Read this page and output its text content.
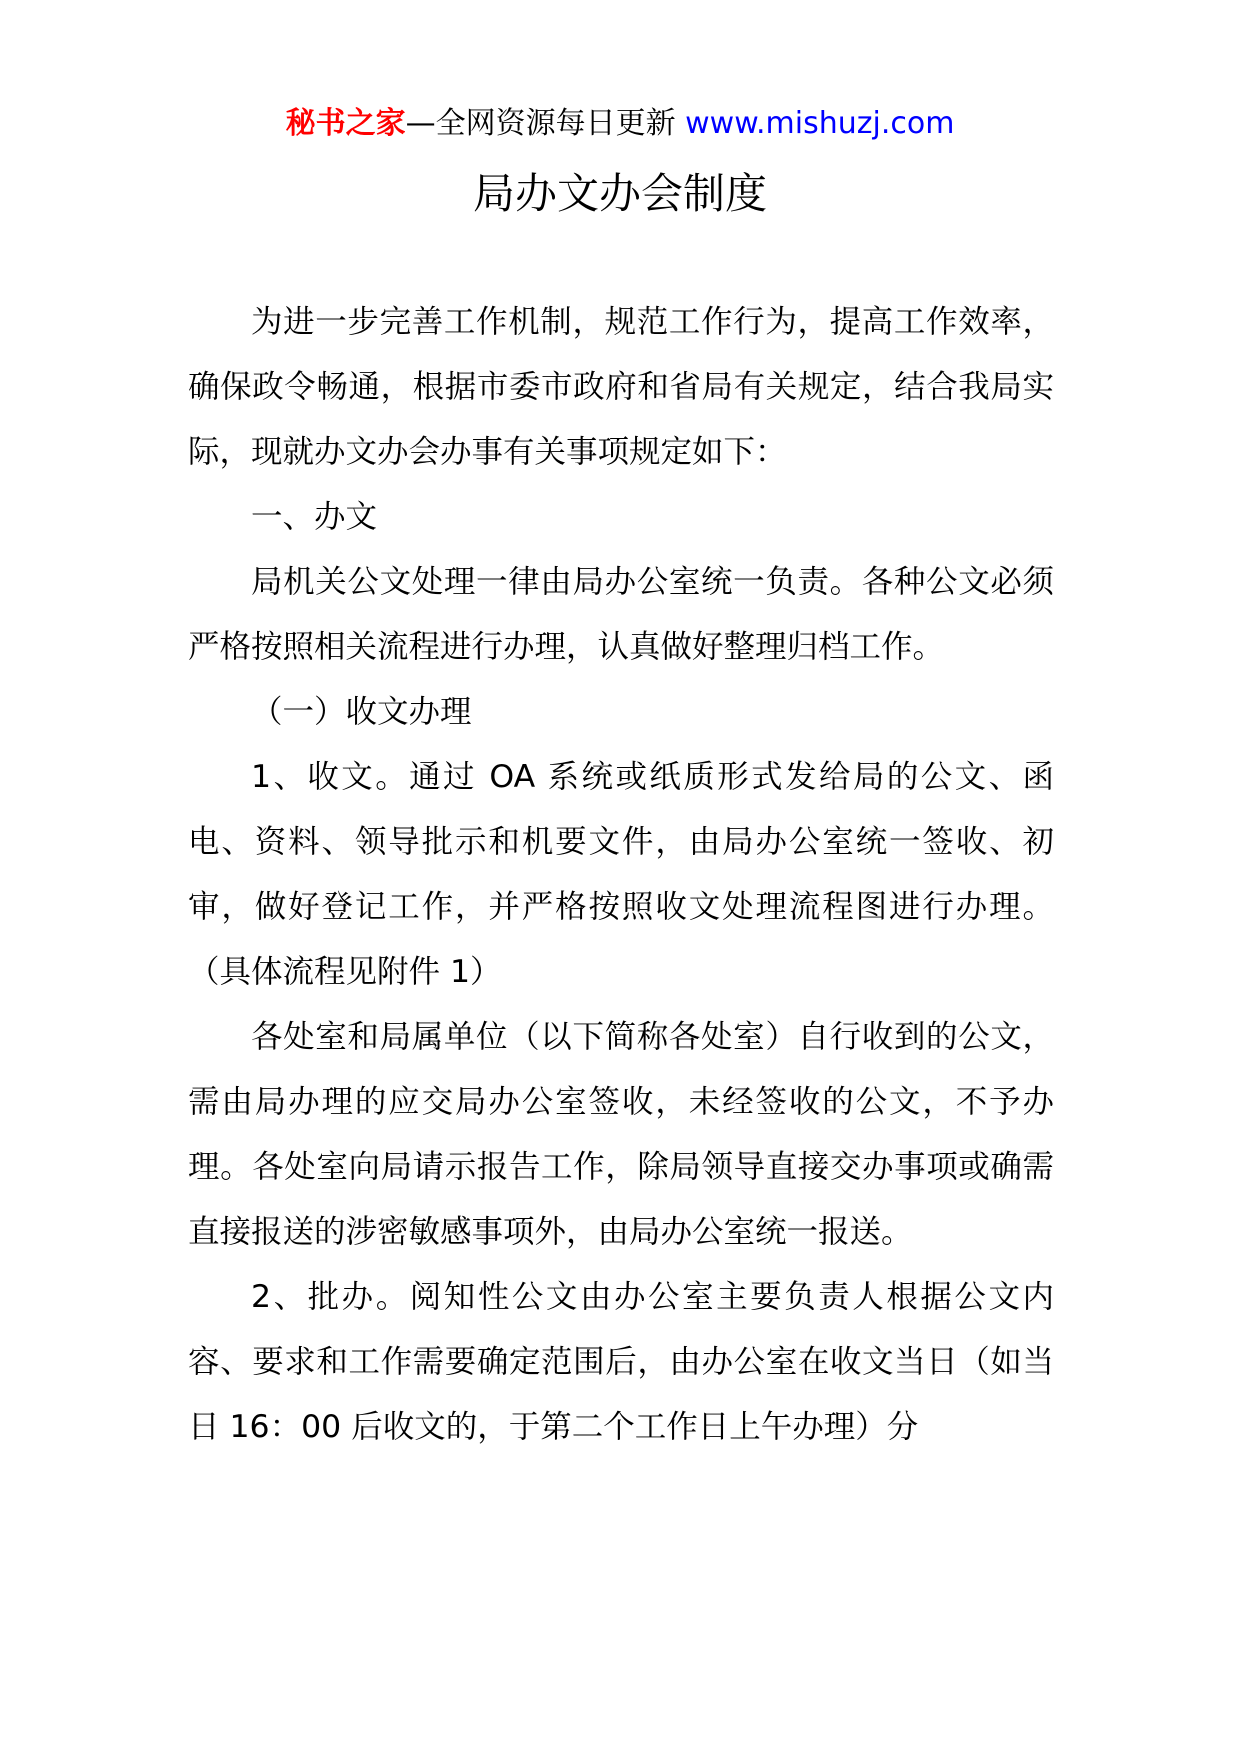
秘书之家—全网资源每日更新 www.mishuzj.com
局办文办会制度

为进一步完善工作机制，规范工作行为，提高工作效率，确保政令畅通，根据市委市政府和省局有关规定，结合我局实际，现就办文办会办事有关事项规定如下：

一、办文

局机关公文处理一律由局办公室统一负责。各种公文必须严格按照相关流程进行办理，认真做好整理归档工作。

（一）收文办理

1、收文。通过 OA 系统或纸质形式发给局的公文、函电、资料、领导批示和机要文件，由局办公室统一签收、初审，做好登记工作，并严格按照收文处理流程图进行办理。（具体流程见附件 1）

各处室和局属单位（以下简称各处室）自行收到的公文，需由局办理的应交局办公室签收，未经签收的公文，不予办理。各处室向局请示报告工作，除局领导直接交办事项或确需直接报送的涉密敏感事项外，由局办公室统一报送。

2、批办。阅知性公文由办公室主要负责人根据公文内容、要求和工作需要确定范围后，由办公室在收文当日（如当日 16：00 后收文的，于第二个工作日上午办理）分
